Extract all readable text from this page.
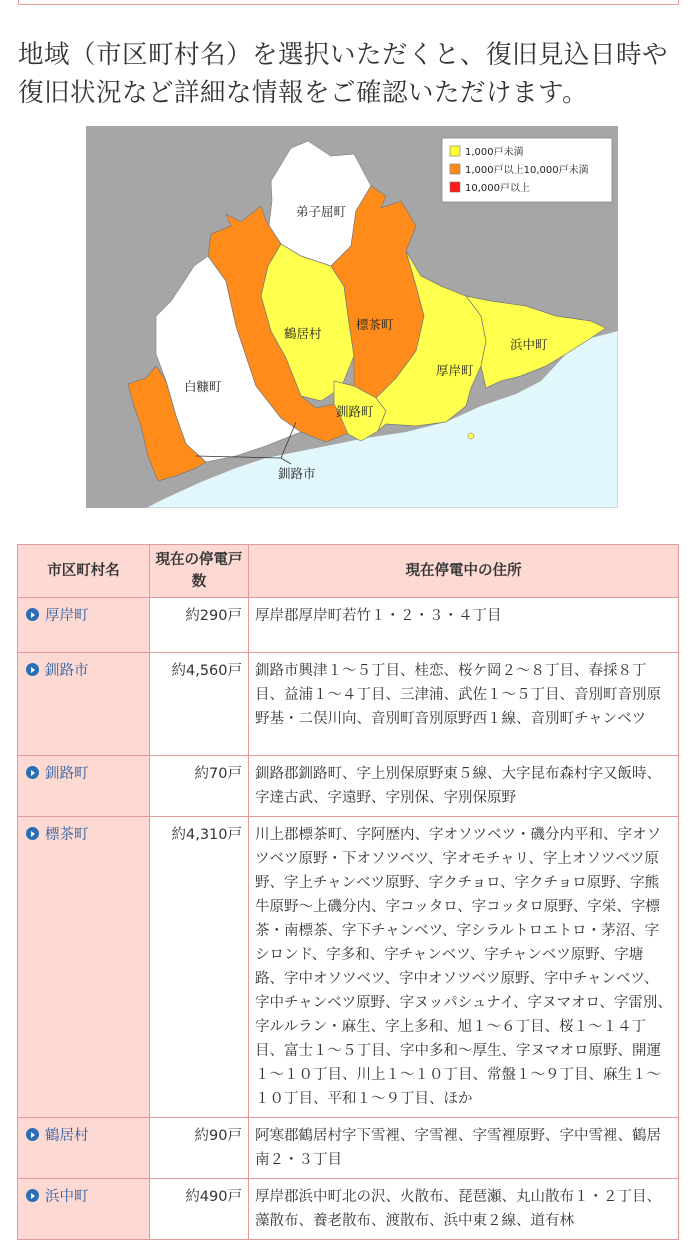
地域（市区町村名）を選択いただくと、復旧見込日時や
復旧状況など詳細な情報をご確認いただけます。
1,000戸未満
1,000戸以上10,000戸未満
10,000戸以上
弟子屈町
鶴居村
標茶町
浜中町
厚岸町
白糠町
釧路町
釧路市
市区町村名	現在の停電戸数	現在停電中の住所
厚岸町	約290戸	厚岸郡厚岸町若竹１・２・３・４丁目
釧路市	約4,560戸	釧路市興津１～５丁目、桂恋、桜ケ岡２～８丁目、春採８丁目、益浦１～４丁目、三津浦、武佐１～５丁目、音別町音別原野基・二俣川向、音別町音別原野西１線、音別町チャンベツ
釧路町	約70戸	釧路郡釧路町、字上別保原野東５線、大字昆布森村字又飯時、字達古武、字遠野、字別保、字別保原野
標茶町	約4,310戸	川上郡標茶町、字阿歴内、字オソツベツ・磯分内平和、字オソツベツ原野・下オソツベツ、字オモチャリ、字上オソツベツ原野、字上チャンベツ原野、字クチョロ、字クチョロ原野、字熊牛原野～上磯分内、字コッタロ、字コッタロ原野、字栄、字標茶・南標茶、字下チャンベツ、字シラルトロエトロ・茅沼、字シロンド、字多和、字チャンベツ、字チャンベツ原野、字塘路、字中オソツベツ、字中オソツベツ原野、字中チャンベツ、字中チャンベツ原野、字ヌッパシュナイ、字ヌマオロ、字雷別、字ルルラン・麻生、字上多和、旭１～６丁目、桜１～１４丁目、富士１～５丁目、字中多和～厚生、字ヌマオロ原野、開運１～１０丁目、川上１～１０丁目、常盤１～９丁目、麻生１～１０丁目、平和１～９丁目、ほか
鶴居村	約90戸	阿寒郡鶴居村字下雪裡、字雪裡、字雪裡原野、字中雪裡、鶴居南２・３丁目
浜中町	約490戸	厚岸郡浜中町北の沢、火散布、琵琶瀬、丸山散布１・２丁目、藻散布、養老散布、渡散布、浜中東２線、道有林
